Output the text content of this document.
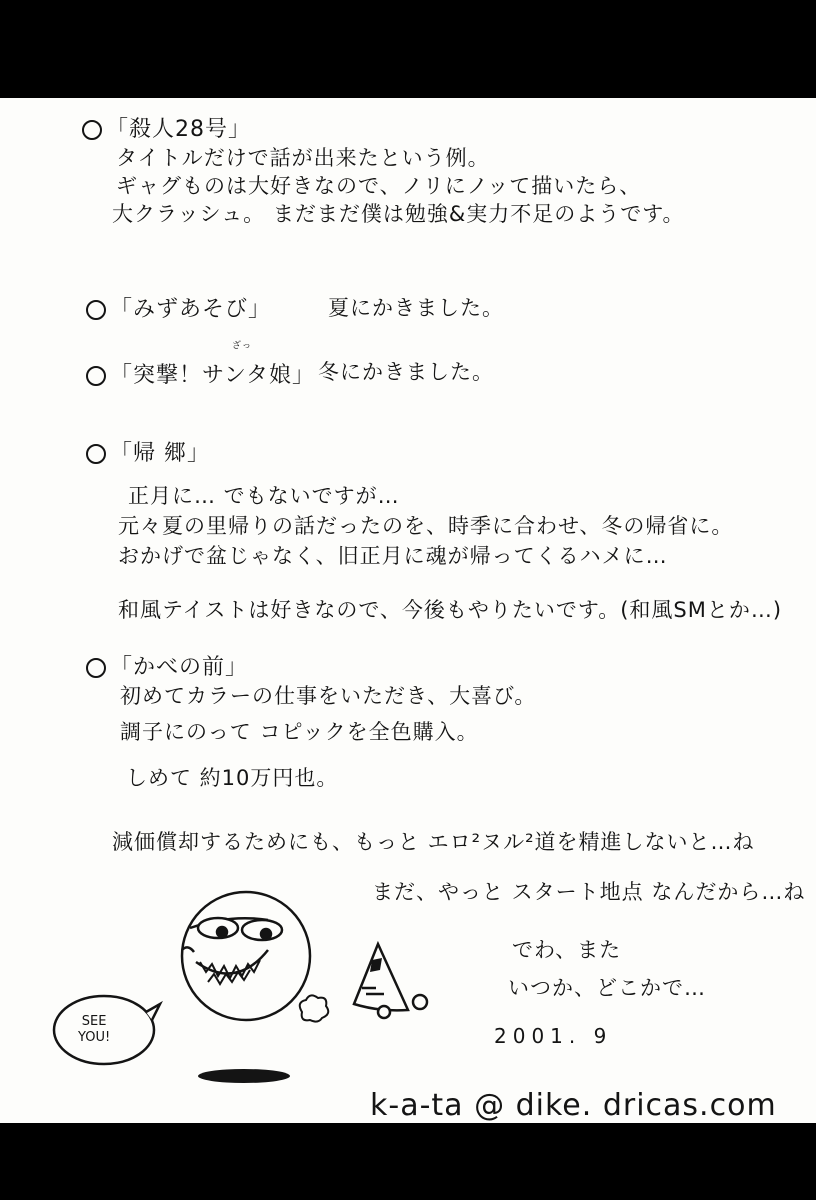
「殺人28号」
タイトルだけで話が出来たという例。
ギャグものは大好きなので、ノリにノッて描いたら、
大クラッシュ。 まだまだ僕は勉強&実力不足のようです。
「みずあそび」	夏にかきました。
「突撃！サンタ娘」
ざっ
冬にかきました。
「帰 郷」
正月に… でもないですが…
元々夏の里帰りの話だったのを、時季に合わせ、冬の帰省に。
おかげで盆じゃなく、旧正月に魂が帰ってくるハメに…
和風テイストは好きなので、今後もやりたいです。(和風SMとか…)
「かべの前」
初めてカラーの仕事をいただき、大喜び。
調子にのって コピックを全色購入。
しめて 約10万円也。
減価償却するためにも、もっと エロ²ヌル²道を精進しないと…ね
まだ、やっと スタート地点 なんだから…ね
でわ、また
いつか、どこかで…
2001. 9
SEE
YOU!
k-a-ta @ dike. dricas.com
